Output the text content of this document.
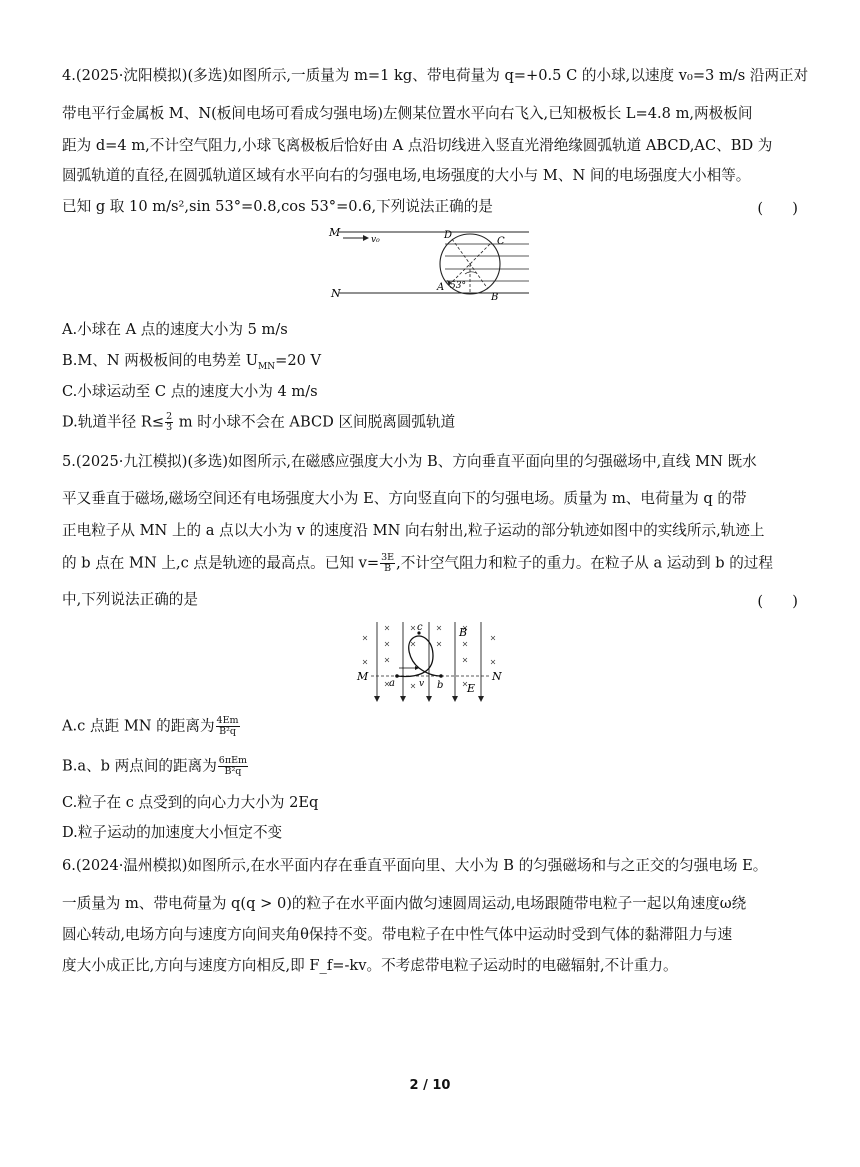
4.(2025·沈阳模拟)(多选)如图所示,一质量为 m=1 kg、带电荷量为 q=+0.5 C 的小球,以速度 v₀=3 m/s 沿两正对
带电平行金属板 M、N(板间电场可看成匀强电场)左侧某位置水平向右飞入,已知极板长 L=4.8 m,两极板间
距为 d=4 m,不计空气阻力,小球飞离极板后恰好由 A 点沿切线进入竖直光滑绝缘圆弧轨道 ABCD,AC、BD 为
圆弧轨道的直径,在圆弧轨道区域有水平向右的匀强电场,电场强度的大小与 M、N 间的电场强度大小相等。
已知 g 取 10 m/s²,sin 53°=0.8,cos 53°=0.6,下列说法正确的是	(　　)
M
N
v₀
A
B
C
D
53°
A.小球在 A 点的速度大小为 5 m/s
B.M、N 两极板间的电势差 $U_{MN}=20$ V
C.小球运动至 C 点的速度大小为 4 m/s
D.轨道半径 $R\le \frac{2}{3}$ m 时小球不会在 ABCD 区间脱离圆弧轨道
5.(2025·九江模拟)(多选)如图所示,在磁感应强度大小为 B、方向垂直平面向里的匀强磁场中,直线 MN 既水
平又垂直于磁场,磁场空间还有电场强度大小为 E、方向竖直向下的匀强电场。质量为 m、电荷量为 q 的带
正电粒子从 MN 上的 a 点以大小为 v 的速度沿 MN 向右射出,粒子运动的部分轨迹如图中的实线所示,轨迹上
的 b 点在 MN 上,c 点是轨迹的最高点。已知 $v= \frac{3E}{B}$ ,不计空气阻力和粒子的重力。在粒子从 a 运动到 b 的过程
中,下列说法正确的是	(　　)
M	N
a	b
c
v
B
E
A.c 点距 MN 的距离为 $\frac{4Em}{\text{B²q}}$
B.a、b 两点间的距离为 $\frac{\text{6πEm}}{\text{B²q}}$
C.粒子在 c 点受到的向心力大小为 2Eq
D.粒子运动的加速度大小恒定不变
6.(2024·温州模拟)如图所示,在水平面内存在垂直平面向里、大小为 B 的匀强磁场和与之正交的匀强电场 E。
一质量为 m、带电荷量为 q(q > 0)的粒子在水平面内做匀速圆周运动,电场跟随带电粒子一起以角速度ω绕
圆心转动,电场方向与速度方向间夹角θ保持不变。带电粒子在中性气体中运动时受到气体的黏滞阻力与速
度大小成正比,方向与速度方向相反,即 F_f=-kv。不考虑带电粒子运动时的电磁辐射,不计重力。
2 / 10
